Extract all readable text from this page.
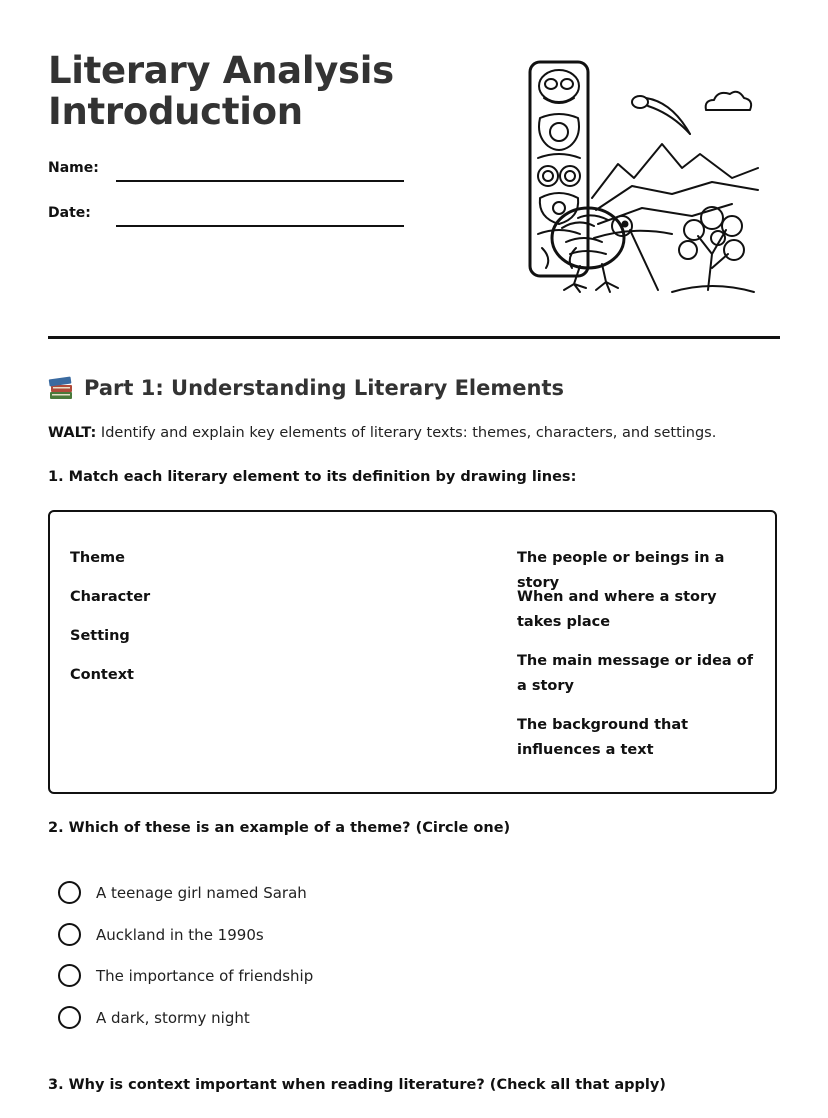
Literary Analysis
Introduction
Name:
Date:
Part 1: Understanding Literary Elements
WALT: Identify and explain key elements of literary texts: themes, characters, and settings.
1. Match each literary element to its definition by drawing lines:
Theme
Character
Setting
Context
The people or beings in a story
When and where a story takes place
The main message or idea of a story
The background that influences a text
2. Which of these is an example of a theme? (Circle one)
A teenage girl named Sarah
Auckland in the 1990s
The importance of friendship
A dark, stormy night
3. Why is context important when reading literature? (Check all that apply)
